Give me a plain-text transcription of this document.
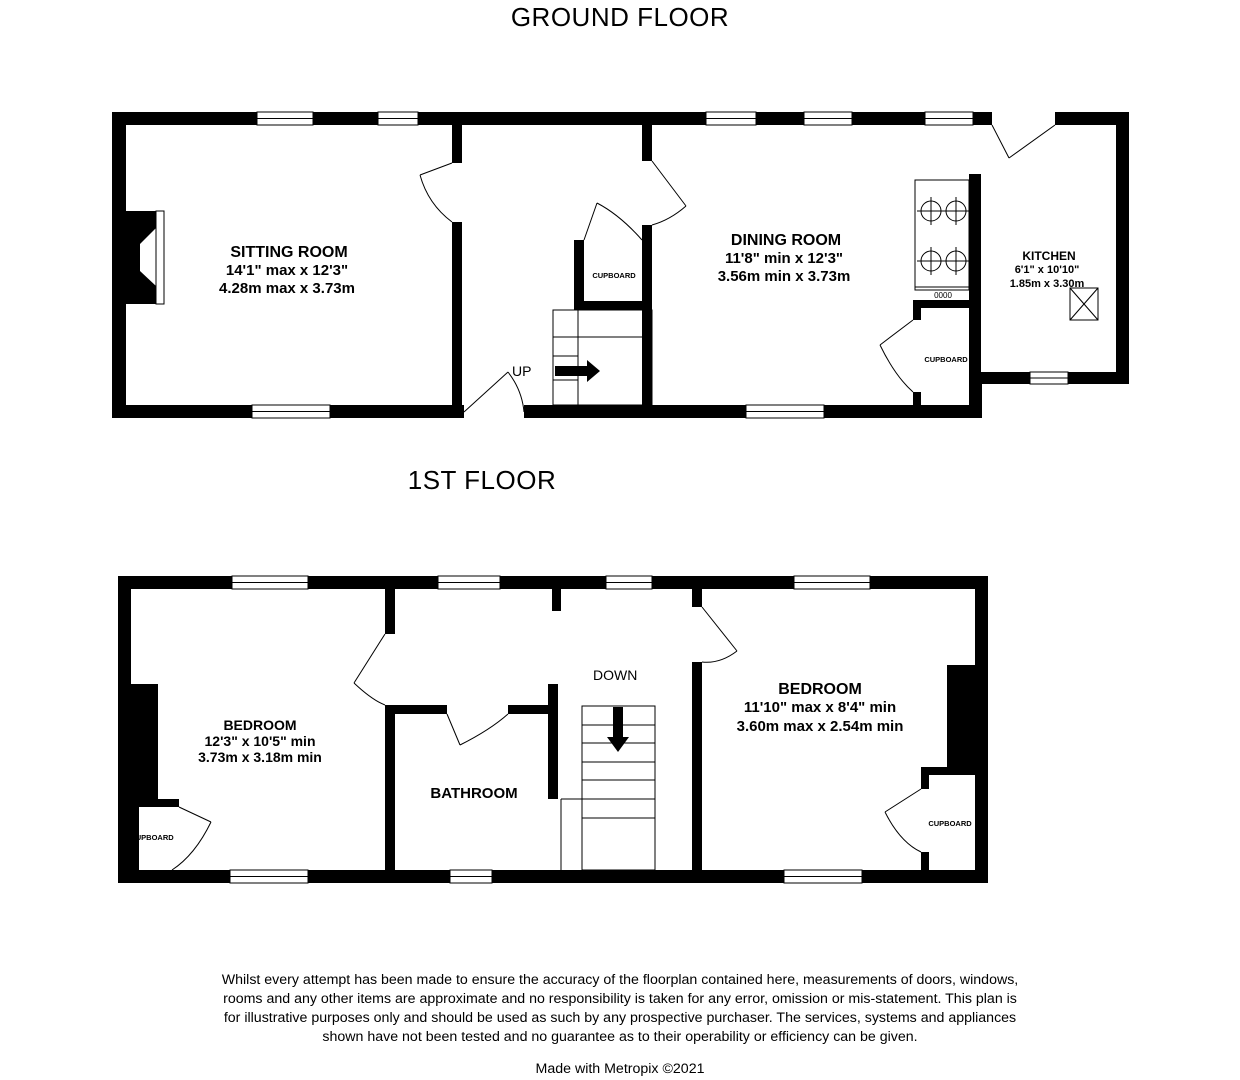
GROUND FLOOR
1ST FLOOR
SITTING ROOM
14'1" max x 12'3"
4.28m max x 3.73m
DINING ROOM
11'8" min x 12'3"
3.56m min x 3.73m
KITCHEN
6'1" x 10'10"
1.85m x 3.30m
CUPBOARD
CUPBOARD
UP
0000
BEDROOM
12'3" x 10'5" min
3.73m x 3.18m min
BEDROOM
11'10" max x 8'4" min
3.60m max x 2.54m min
BATHROOM
CUPBOARD
CUPBOARD
DOWN
Whilst every attempt has been made to ensure the accuracy of the floorplan contained here, measurements of doors, windows, rooms and any other items are approximate and no responsibility is taken for any error, omission or mis-statement. This plan is for illustrative purposes only and should be used as such by any prospective purchaser. The services, systems and appliances shown have not been tested and no guarantee as to their operability or efficiency can be given.
Made with Metropix ©2021
